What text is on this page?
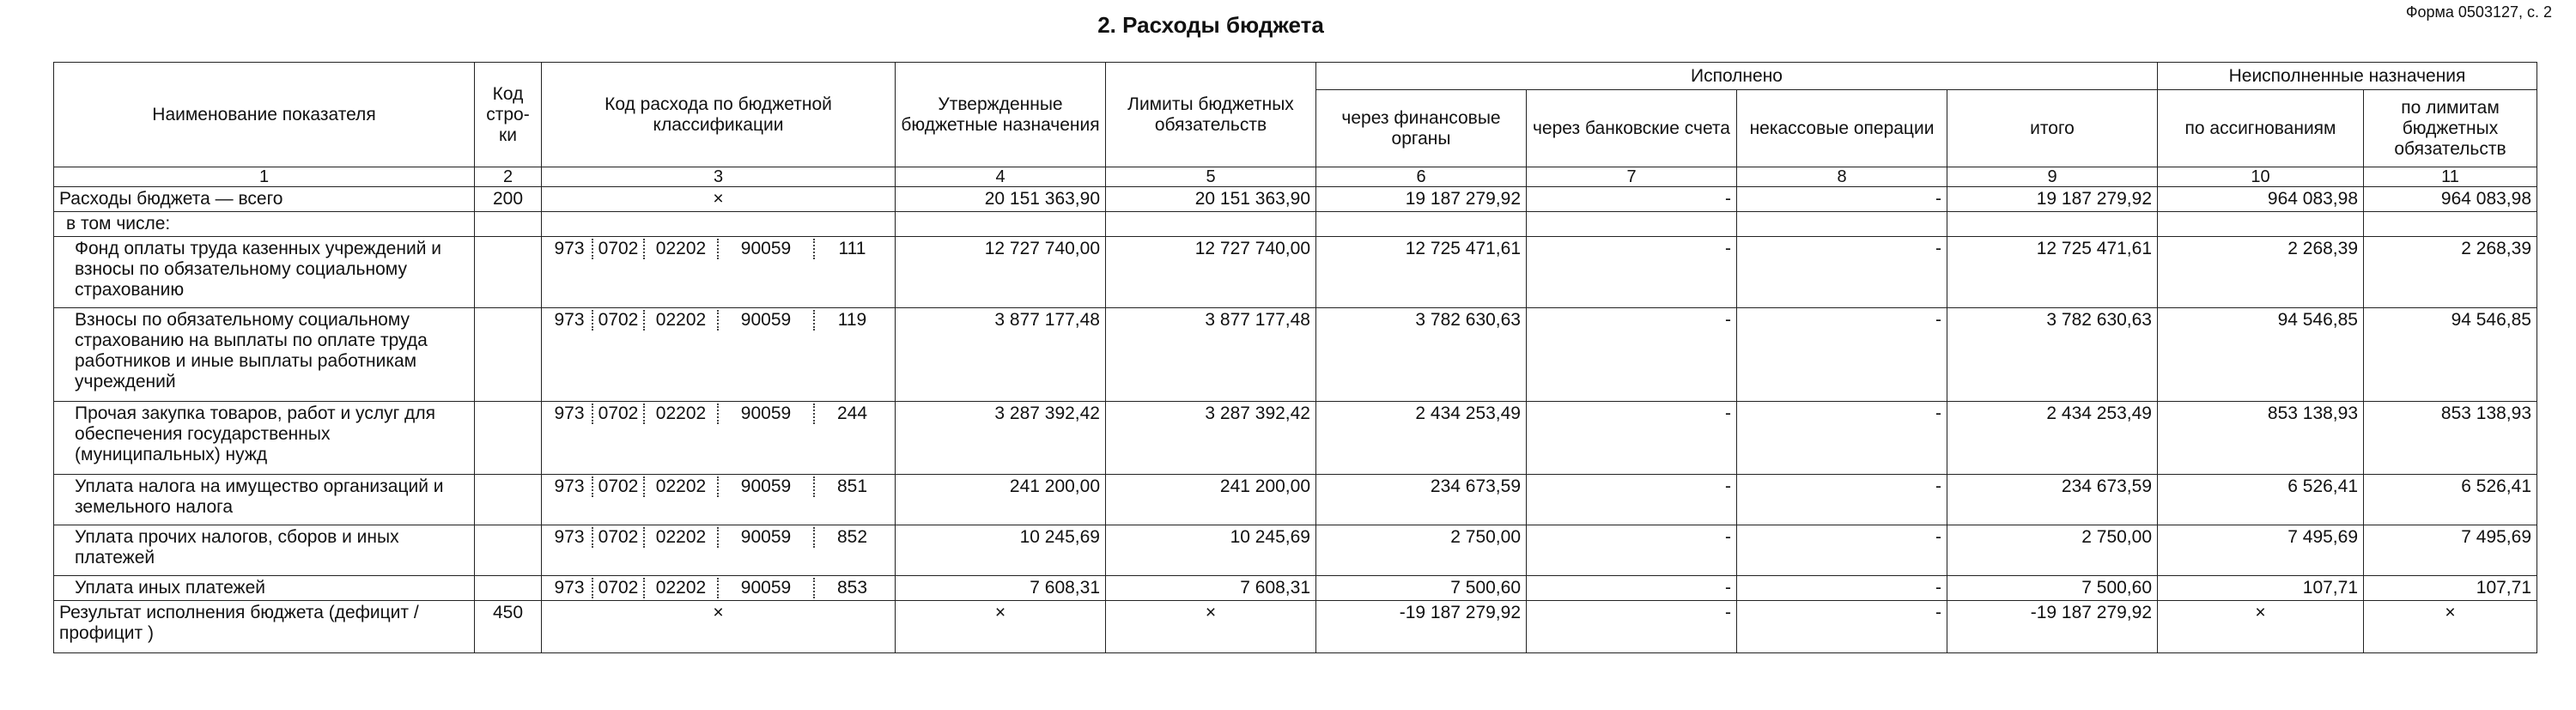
2. Расходы бюджета	Форма 0503127, с. 2
Наименование показателя	Код стро-ки	Код расхода по бюджетной классификации	Утвержденные бюджетные назначения	Лимиты бюджетных обязательств	Исполнено				Неисполненные назначения	
					через финансовые органы	через банковские счета	некассовые операции	итого	по ассигнованиям	по лимитам бюджетных обязательств
1	2	3	4	5	6	7	8	9	10	11
Расходы бюджета — всего	200	×	20 151 363,90	20 151 363,90	19 187 279,92	-	-	19 187 279,92	964 083,98	964 083,98
в том числе:										
Фонд оплаты труда казенных учреждений и взносы по обязательному социальному страхованию		973 0702 02202 90059 111	12 727 740,00	12 727 740,00	12 725 471,61	-	-	12 725 471,61	2 268,39	2 268,39
Взносы по обязательному социальному страхованию на выплаты по оплате труда работников и иные выплаты работникам учреждений		973 0702 02202 90059 119	3 877 177,48	3 877 177,48	3 782 630,63	-	-	3 782 630,63	94 546,85	94 546,85
Прочая закупка товаров, работ и услуг для обеспечения государственных (муниципальных) нужд		973 0702 02202 90059 244	3 287 392,42	3 287 392,42	2 434 253,49	-	-	2 434 253,49	853 138,93	853 138,93
Уплата налога на имущество организаций и земельного налога		973 0702 02202 90059 851	241 200,00	241 200,00	234 673,59	-	-	234 673,59	6 526,41	6 526,41
Уплата прочих налогов, сборов и иных платежей		973 0702 02202 90059 852	10 245,69	10 245,69	2 750,00	-	-	2 750,00	7 495,69	7 495,69
Уплата иных платежей		973 0702 02202 90059 853	7 608,31	7 608,31	7 500,60	-	-	7 500,60	107,71	107,71
Результат исполнения бюджета (дефицит / профицит )	450	×	×	×	-19 187 279,92	-	-	-19 187 279,92	×	×
